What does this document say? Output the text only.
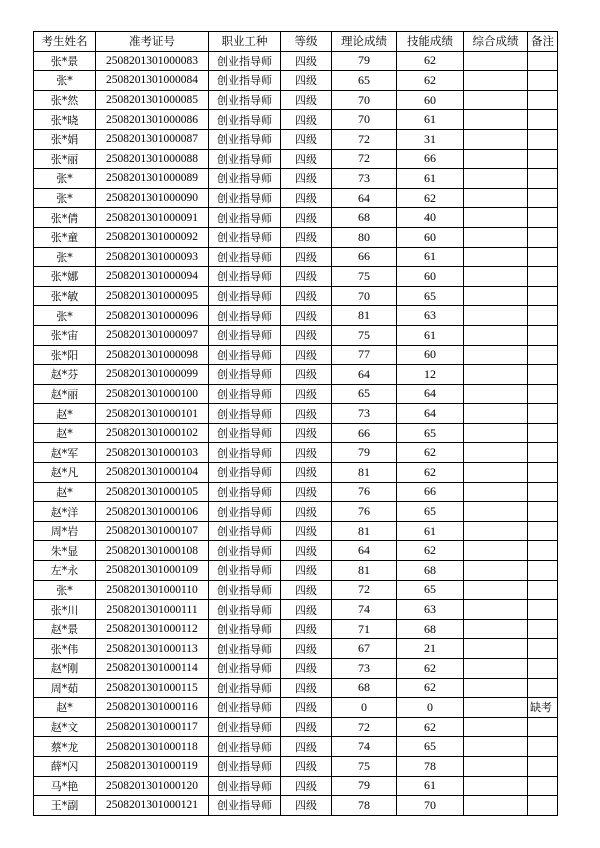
考生姓名	准考证号	职业工种	等级	理论成绩	技能成绩	综合成绩	备注
张*景	2508201301000083	创业指导师	四级	79	62		
张*	2508201301000084	创业指导师	四级	65	62		
张*然	2508201301000085	创业指导师	四级	70	60		
张*晓	2508201301000086	创业指导师	四级	70	61		
张*娟	2508201301000087	创业指导师	四级	72	31		
张*丽	2508201301000088	创业指导师	四级	72	66		
张*	2508201301000089	创业指导师	四级	73	61		
张*	2508201301000090	创业指导师	四级	64	62		
张*倩	2508201301000091	创业指导师	四级	68	40		
张*童	2508201301000092	创业指导师	四级	80	60		
张*	2508201301000093	创业指导师	四级	66	61		
张*娜	2508201301000094	创业指导师	四级	75	60		
张*敏	2508201301000095	创业指导师	四级	70	65		
张*	2508201301000096	创业指导师	四级	81	63		
张*宙	2508201301000097	创业指导师	四级	75	61		
张*阳	2508201301000098	创业指导师	四级	77	60		
赵*芬	2508201301000099	创业指导师	四级	64	12		
赵*丽	2508201301000100	创业指导师	四级	65	64		
赵*	2508201301000101	创业指导师	四级	73	64		
赵*	2508201301000102	创业指导师	四级	66	65		
赵*军	2508201301000103	创业指导师	四级	79	62		
赵*凡	2508201301000104	创业指导师	四级	81	62		
赵*	2508201301000105	创业指导师	四级	76	66		
赵*洋	2508201301000106	创业指导师	四级	76	65		
周*岩	2508201301000107	创业指导师	四级	81	61		
朱*显	2508201301000108	创业指导师	四级	64	62		
左*永	2508201301000109	创业指导师	四级	81	68		
张*	2508201301000110	创业指导师	四级	72	65		
张*川	2508201301000111	创业指导师	四级	74	63		
赵*景	2508201301000112	创业指导师	四级	71	68		
张*伟	2508201301000113	创业指导师	四级	67	21		
赵*刚	2508201301000114	创业指导师	四级	73	62		
周*茹	2508201301000115	创业指导师	四级	68	62		
赵*	2508201301000116	创业指导师	四级	0	0		缺考
赵*文	2508201301000117	创业指导师	四级	72	62		
蔡*龙	2508201301000118	创业指导师	四级	74	65		
薛*闪	2508201301000119	创业指导师	四级	75	78		
马*艳	2508201301000120	创业指导师	四级	79	61		
王*副	2508201301000121	创业指导师	四级	78	70		
